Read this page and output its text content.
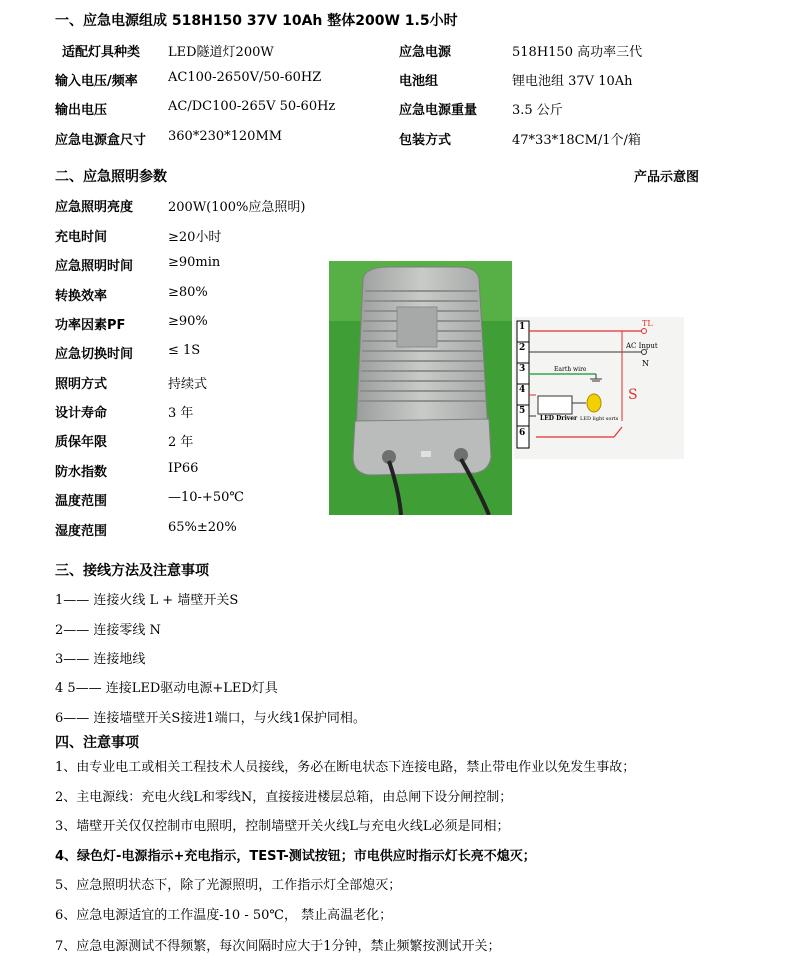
一、应急电源组成 518H150 37V 10Ah 整体200W 1.5小时
适配灯具种类 LED隧道灯200W	应急电源	518H150 高功率三代
输入电压/频率 AC100-2650V/50-60HZ	电池组	锂电池组 37V 10Ah
输出电压	AC/DC100-265V 50-60Hz	应急电源重量	3.5 公斤
应急电源盒尺寸 360*230*120MM	包装方式	47*33*18CM/1个/箱
二、应急照明参数	产品示意图
应急照明亮度	200W(100%应急照明)
充电时间	≥20小时
应急照明时间	≥90min
转换效率	≥80%
功率因素PF	≥90%
应急切换时间	≤ 1S
照明方式	持续式
设计寿命	3 年
质保年限	2 年
防水指数	IP66
温度范围	—10-+50℃
湿度范围	65%±20%
1
2
3
4
5
6
TL
AC Input
N
Earth wire
LED Driver LED light sorts
S
三、接线方法及注意事项
1—— 连接火线 L + 墙壁开关S
2—— 连接零线 N
3—— 连接地线
4 5—— 连接LED驱动电源+LED灯具
6—— 连接墙壁开关S接进1端口，与火线1保护同相。
四、注意事项
1、由专业电工或相关工程技术人员接线，务必在断电状态下连接电路，禁止带电作业以免发生事故；
2、主电源线：充电火线L和零线N，直接接进楼层总箱，由总闸下设分闸控制；
3、墙壁开关仅仅控制市电照明，控制墙壁开关火线L与充电火线L必须是同相；
4、绿色灯-电源指示+充电指示，TEST-测试按钮；市电供应时指示灯长亮不熄灭；
5、应急照明状态下，除了光源照明，工作指示灯全部熄灭；
6、应急电源适宜的工作温度-10 - 50℃， 禁止高温老化；
7、应急电源测试不得频繁，每次间隔时应大于1分钟，禁止频繁按测试开关；
